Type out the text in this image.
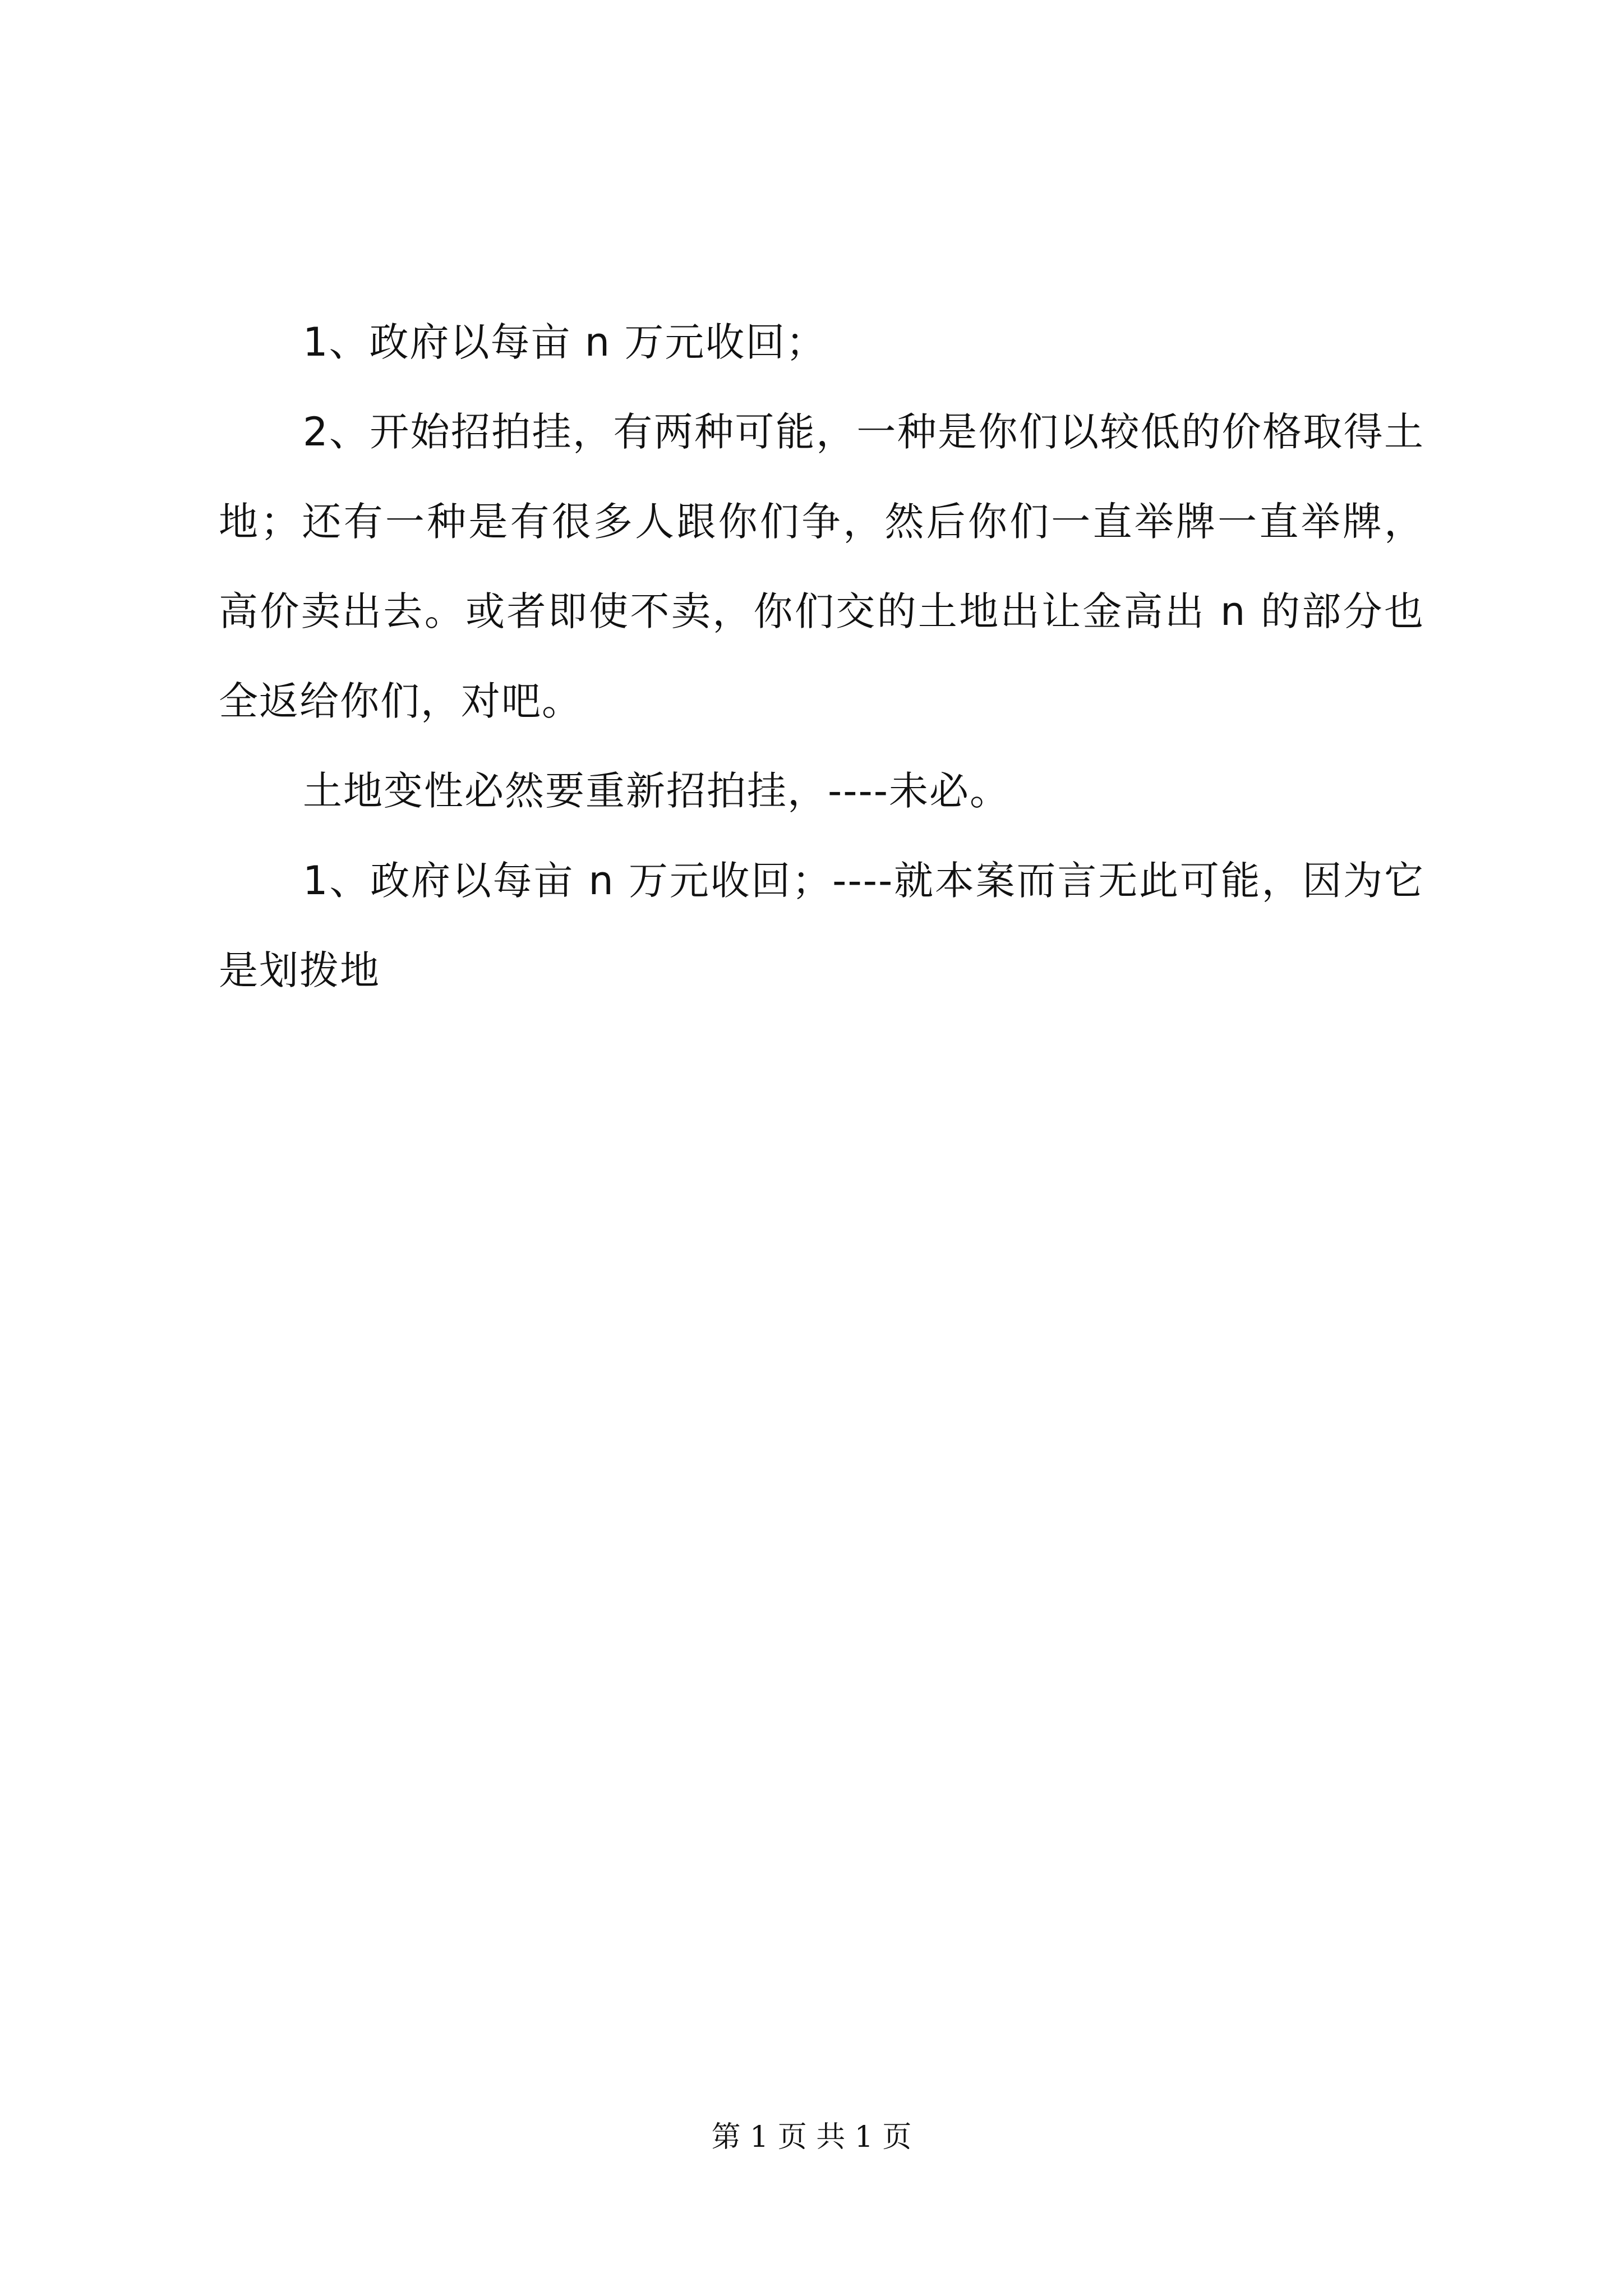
1、政府以每亩 n 万元收回；

2、开始招拍挂，有两种可能，一种是你们以较低的价格取得土地；还有一种是有很多人跟你们争，然后你们一直举牌一直举牌，高价卖出去。或者即使不卖，你们交的土地出让金高出 n 的部分也全返给你们，对吧。

土地变性必然要重新招拍挂，----未必。

1、政府以每亩 n 万元收回；----就本案而言无此可能，因为它是划拨地

第 1 页 共 1 页
